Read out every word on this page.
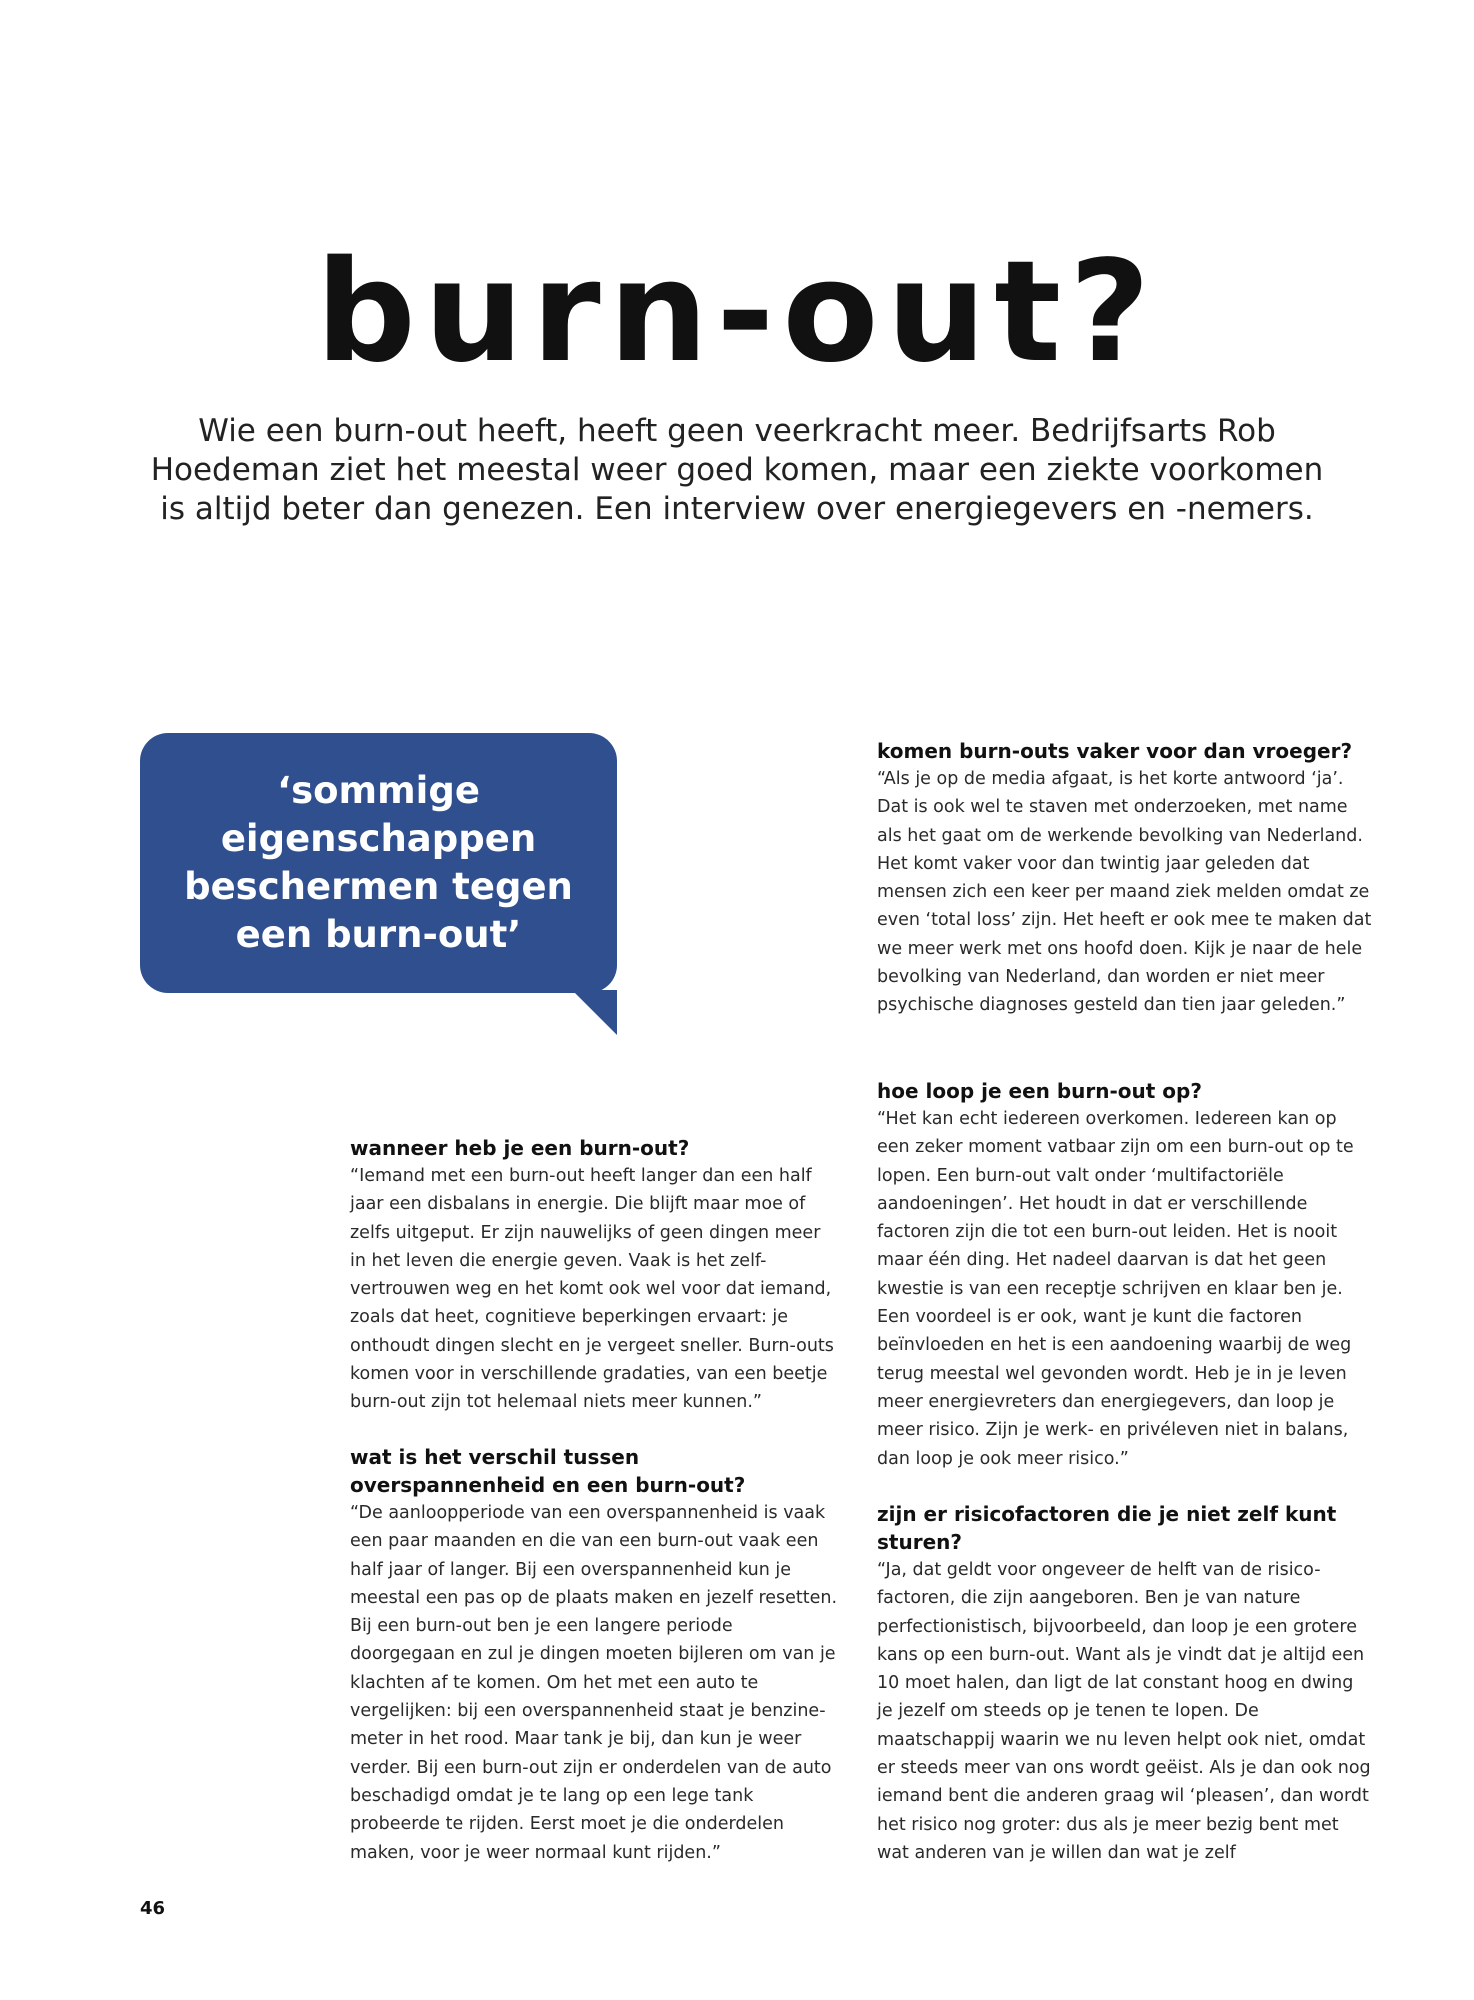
burn-out?

Wie een burn-out heeft, heeft geen veerkracht meer. Bedrijfsarts Rob Hoedeman ziet het meestal weer goed komen, maar een ziekte voorkomen is altijd beter dan genezen. Een interview over energiegevers en -nemers.

‘sommige eigenschappen beschermen tegen een burn-out’

komen burn-outs vaker voor dan vroeger?

“Als je op de media afgaat, is het korte antwoord ‘ja’. Dat is ook wel te staven met onderzoeken, met name als het gaat om de werkende bevolking van Nederland. Het komt vaker voor dan twintig jaar geleden dat mensen zich een keer per maand ziek melden omdat ze even ‘total loss’ zijn. Het heeft er ook mee te maken dat we meer werk met ons hoofd doen. Kijk je naar de hele bevolking van Nederland, dan worden er niet meer psychische diagnoses gesteld dan tien jaar geleden.”

hoe loop je een burn-out op?

“Het kan echt iedereen overkomen. Iedereen kan op een zeker moment vatbaar zijn om een burn-out op te lopen. Een burn-out valt onder ‘multifactoriële aandoeningen’. Het houdt in dat er verschillende factoren zijn die tot een burn-out leiden. Het is nooit maar één ding. Het nadeel daarvan is dat het geen kwestie is van een receptje schrijven en klaar ben je. Een voordeel is er ook, want je kunt die factoren beïnvloeden en het is een aandoening waarbij de weg terug meestal wel gevonden wordt. Heb je in je leven meer energievreters dan energiegevers, dan loop je meer risico. Zijn je werk- en privéleven niet in balans, dan loop je ook meer risico.”

zijn er risicofactoren die je niet zelf kunt sturen?

“Ja, dat geldt voor ongeveer de helft van de risico-factoren, die zijn aangeboren. Ben je van nature perfectionistisch, bijvoorbeeld, dan loop je een grotere kans op een burn-out. Want als je vindt dat je altijd een 10 moet halen, dan ligt de lat constant hoog en dwing je jezelf om steeds op je tenen te lopen. De maatschappij waarin we nu leven helpt ook niet, omdat er steeds meer van ons wordt geëist. Als je dan ook nog iemand bent die anderen graag wil ‘pleasen’, dan wordt het risico nog groter: dus als je meer bezig bent met wat anderen van je willen dan wat je zelf

wanneer heb je een burn-out?

“Iemand met een burn-out heeft langer dan een half jaar een disbalans in energie. Die blijft maar moe of zelfs uitgeput. Er zijn nauwelijks of geen dingen meer in het leven die energie geven. Vaak is het zelf-vertrouwen weg en het komt ook wel voor dat iemand, zoals dat heet, cognitieve beperkingen ervaart: je onthoudt dingen slecht en je vergeet sneller. Burn-outs komen voor in verschillende gradaties, van een beetje burn-out zijn tot helemaal niets meer kunnen.”

wat is het verschil tussen overspannenheid en een burn-out?

“De aanloopperiode van een overspannenheid is vaak een paar maanden en die van een burn-out vaak een half jaar of langer. Bij een overspannenheid kun je meestal een pas op de plaats maken en jezelf resetten. Bij een burn-out ben je een langere periode doorgegaan en zul je dingen moeten bijleren om van je klachten af te komen. Om het met een auto te vergelijken: bij een overspannenheid staat je benzine-meter in het rood. Maar tank je bij, dan kun je weer verder. Bij een burn-out zijn er onderdelen van de auto beschadigd omdat je te lang op een lege tank probeerde te rijden. Eerst moet je die onderdelen maken, voor je weer normaal kunt rijden.”

46
